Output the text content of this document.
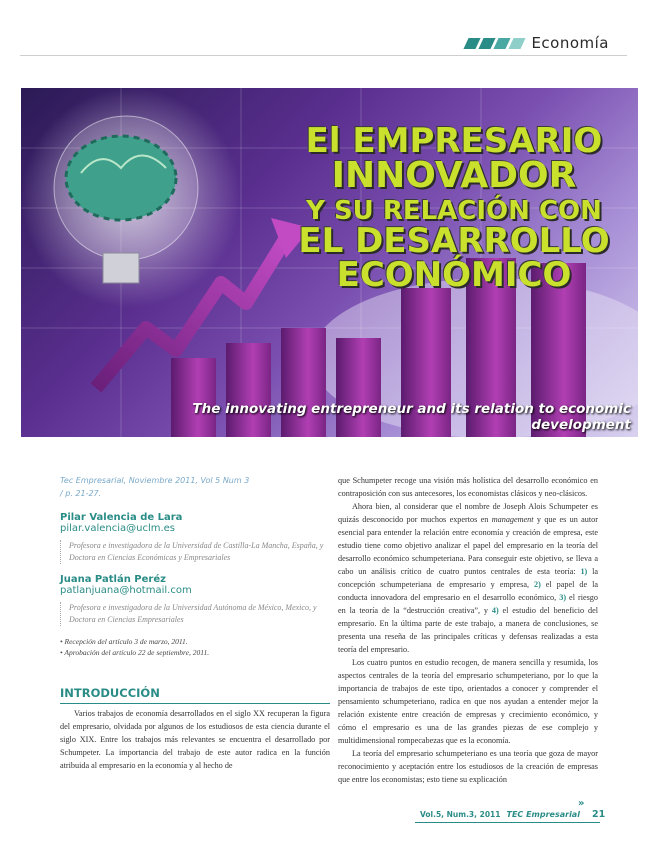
Economía
El EMPRESARIO
INNOVADOR
Y SU RELACIÓN CON
EL DESARROLLO
ECONÓMICO
The innovating entrepreneur and its relation to economic development
Tec Empresarial, Noviembre 2011, Vol 5 Num 3
/ p. 21-27.
Pilar Valencia de Lara
pilar.valencia@uclm.es
Profesora e investigadora de la Universidad de Castilla-La Mancha, España, y Doctora en Ciencias Económicas y Empresariales
Juana Patlán Peréz
patlanjuana@hotmail.com
Profesora e investigadora de la Universidad Autónoma de México, Mexico, y Doctora en Ciencias Empresariales
• Recepción del artículo 3 de marzo, 2011.
• Aprobación del artículo 22 de septiembre, 2011.
INTRODUCCIÓN

Varios trabajos de economía desarrollados en el siglo XX recuperan la figura del empresario, olvidada por algunos de los estudiosos de esta ciencia durante el siglo XIX. Entre los trabajos más relevantes se encuentra el desarrollado por Schumpeter. La importancia del trabajo de este autor radica en la función atribuida al empresario en la economía y al hecho de

que Schumpeter recoge una visión más holística del desarrollo económico en contraposición con sus antecesores, los economistas clásicos y neo-clásicos.

Ahora bien, al considerar que el nombre de Joseph Alois Schumpeter es quizás desconocido por muchos expertos en management y que es un autor esencial para entender la relación entre economía y creación de empresa, este estudio tiene como objetivo analizar el papel del empresario en la teoría del desarrollo económico schumpeteriana. Para conseguir este objetivo, se lleva a cabo un análisis crítico de cuatro puntos centrales de esta teoría: 1) la concepción schumpeteriana de empresario y empresa, 2) el papel de la conducta innovadora del empresario en el desarrollo económico, 3) el riesgo en la teoría de la “destrucción creativa”, y 4) el estudio del beneficio del empresario. En la última parte de este trabajo, a manera de conclusiones, se presenta una reseña de las principales críticas y defensas realizadas a esta teoría del empresario.

Los cuatro puntos en estudio recogen, de manera sencilla y resumida, los aspectos centrales de la teoría del empresario schumpeteriano, por lo que la importancia de trabajos de este tipo, orientados a conocer y comprender el pensamiento schumpeteriano, radica en que nos ayudan a entender mejor la relación existente entre creación de empresas y crecimiento económico, y cómo el empresario es una de las grandes piezas de ese complejo y multidimensional rompecabezas que es la economía.

La teoría del empresario schumpeteriano es una teoría que goza de mayor reconocimiento y aceptación entre los estudiosos de la creación de empresas que entre los economistas; esto tiene su explicación

»
Vol.5, Num.3, 2011 TEC Empresarial 21
